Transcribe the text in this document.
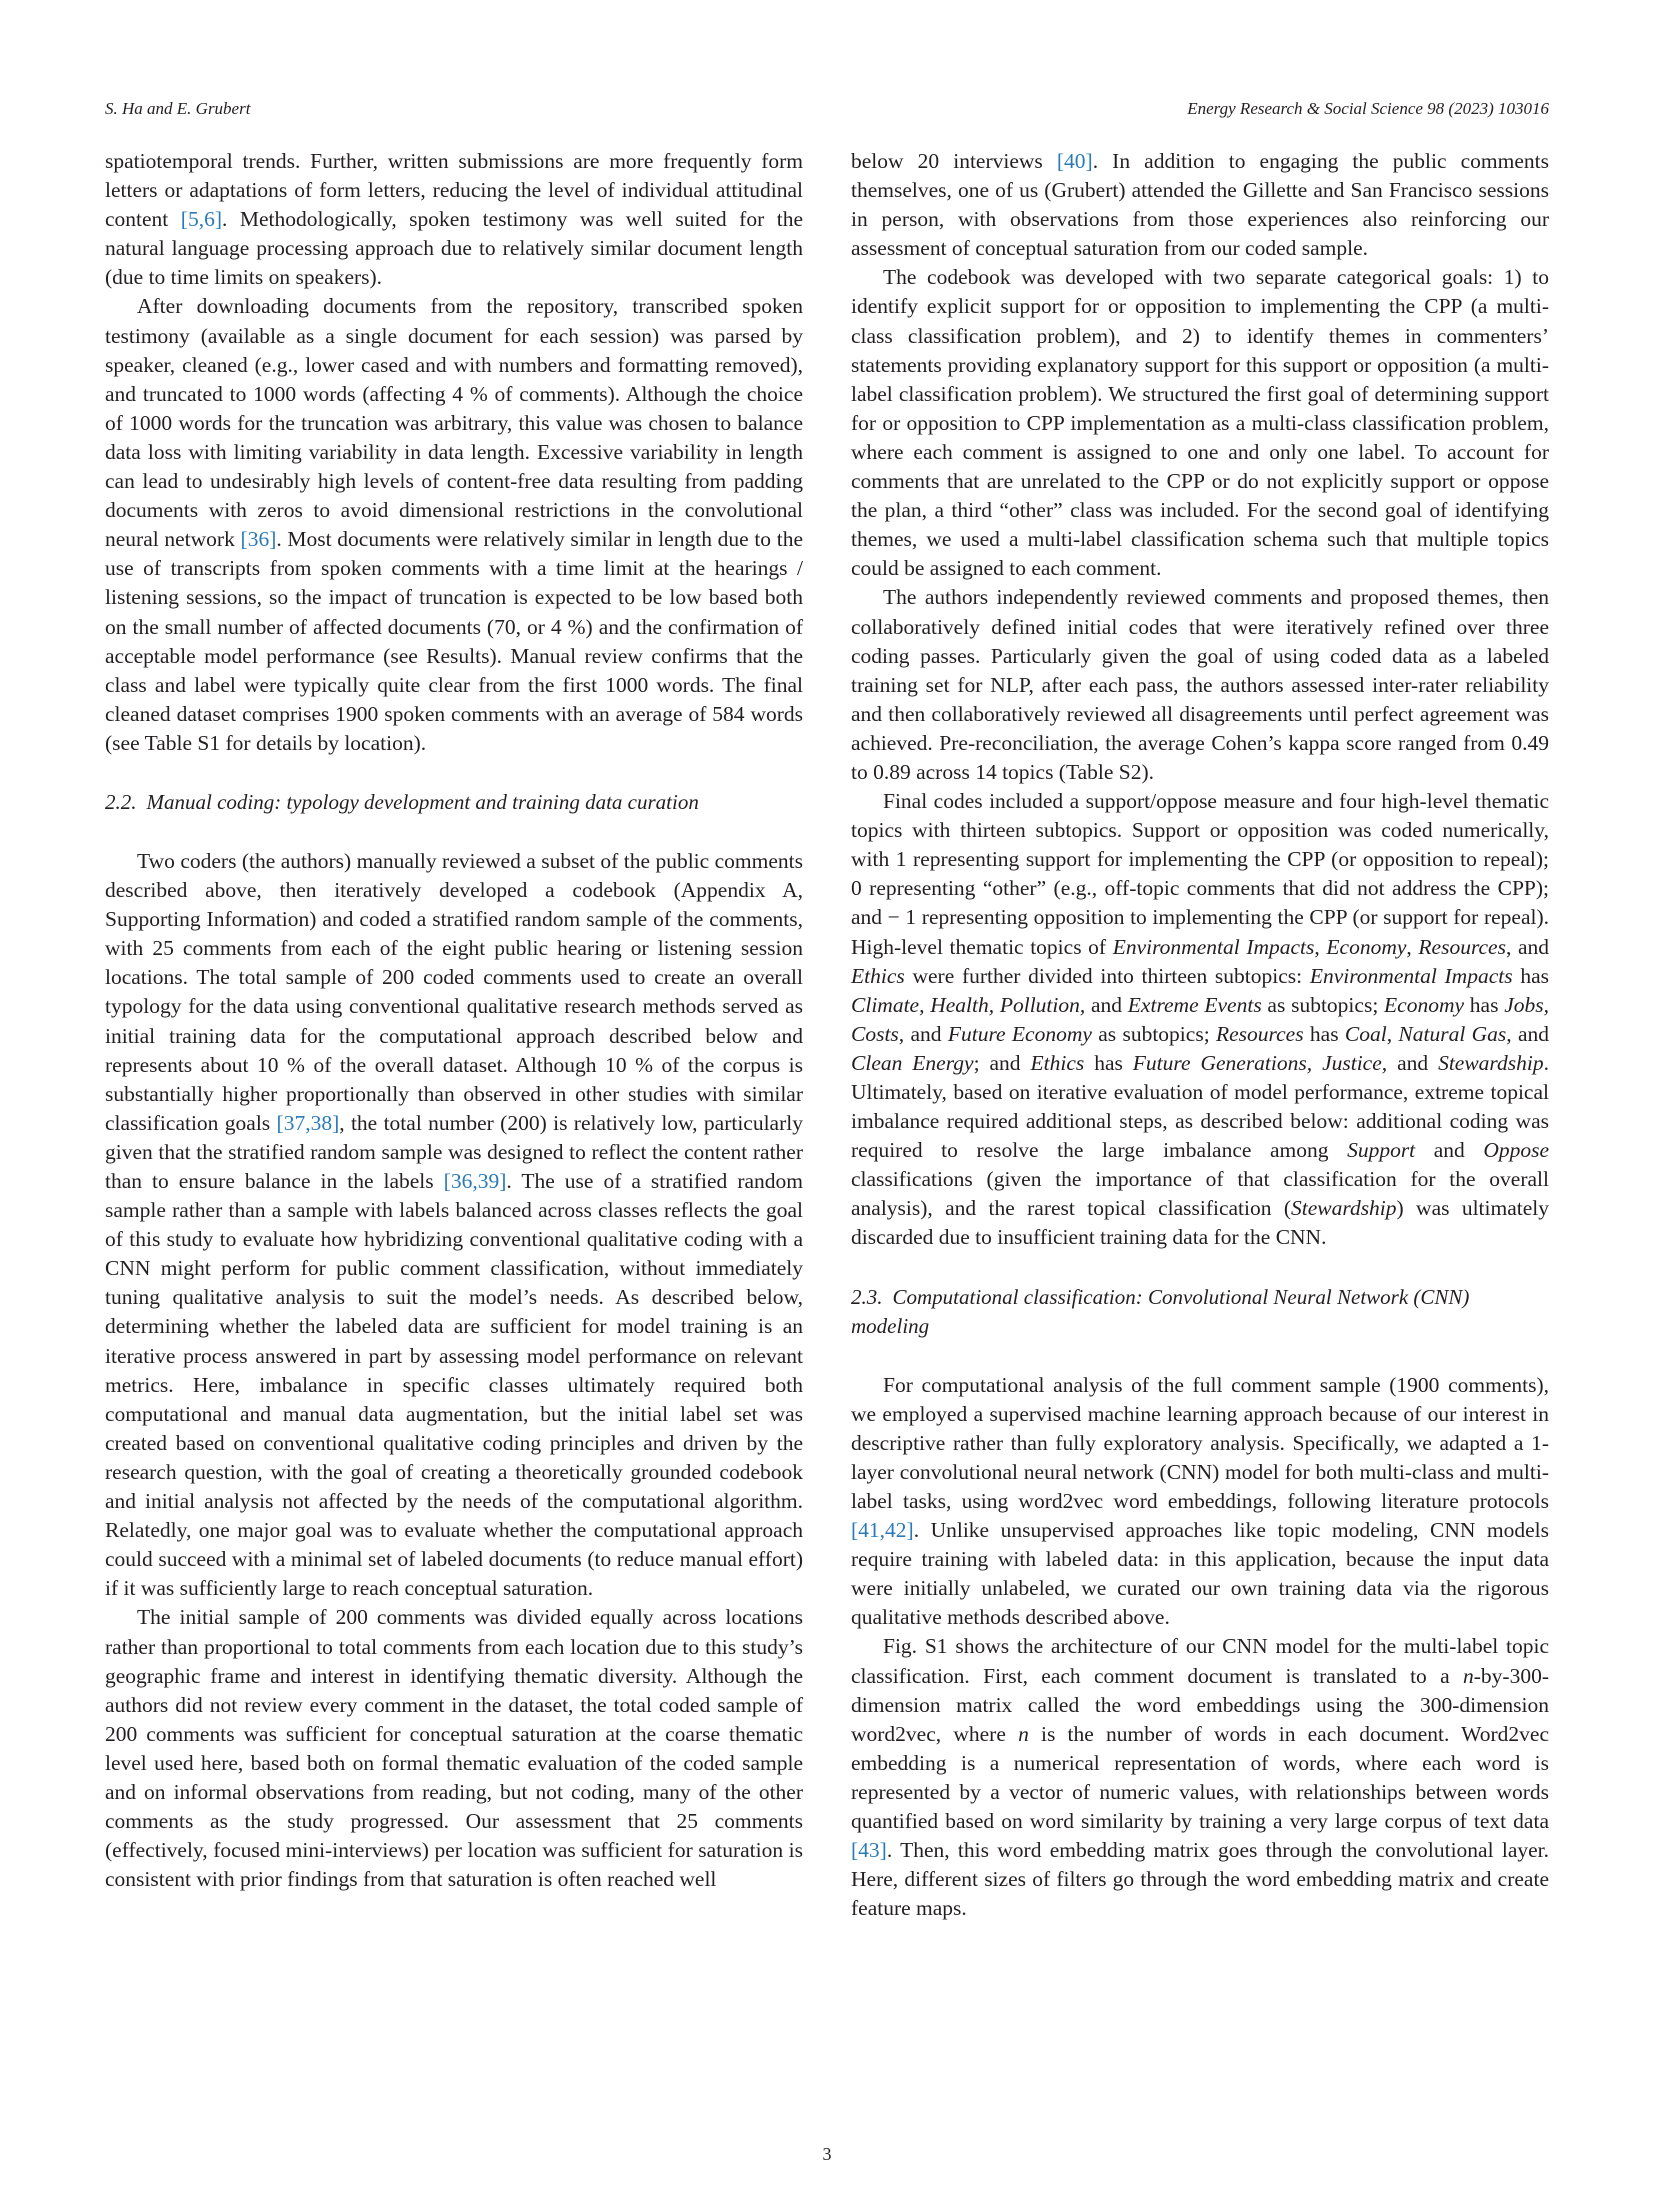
S. Ha and E. Grubert	Energy Research & Social Science 98 (2023) 103016

spatiotemporal trends. Further, written submissions are more frequently form letters or adaptations of form letters, reducing the level of individual attitudinal content [5,6]. Methodologically, spoken testimony was well suited for the natural language processing approach due to relatively similar document length (due to time limits on speakers).

After downloading documents from the repository, transcribed spoken testimony (available as a single document for each session) was parsed by speaker, cleaned (e.g., lower cased and with numbers and formatting removed), and truncated to 1000 words (affecting 4 % of comments). Although the choice of 1000 words for the truncation was arbitrary, this value was chosen to balance data loss with limiting variability in data length. Excessive variability in length can lead to undesirably high levels of content-free data resulting from padding documents with zeros to avoid dimensional restrictions in the convolutional neural network [36]. Most documents were relatively similar in length due to the use of transcripts from spoken comments with a time limit at the hearings / listening sessions, so the impact of truncation is expected to be low based both on the small number of affected documents (70, or 4 %) and the confirmation of acceptable model performance (see Results). Manual review confirms that the class and label were typically quite clear from the first 1000 words. The final cleaned dataset comprises 1900 spoken comments with an average of 584 words (see Table S1 for details by location).

2.2. Manual coding: typology development and training data curation

Two coders (the authors) manually reviewed a subset of the public comments described above, then iteratively developed a codebook (Appendix A, Supporting Information) and coded a stratified random sample of the comments, with 25 comments from each of the eight public hearing or listening session locations. The total sample of 200 coded comments used to create an overall typology for the data using conventional qualitative research methods served as initial training data for the computational approach described below and represents about 10 % of the overall dataset. Although 10 % of the corpus is substantially higher proportionally than observed in other studies with similar classification goals [37,38], the total number (200) is relatively low, particularly given that the stratified random sample was designed to reflect the content rather than to ensure balance in the labels [36,39]. The use of a stratified random sample rather than a sample with labels balanced across classes reflects the goal of this study to evaluate how hybridizing conventional qualitative coding with a CNN might perform for public comment classification, without immediately tuning qualitative analysis to suit the model’s needs. As described below, determining whether the labeled data are sufficient for model training is an iterative process answered in part by assessing model performance on relevant metrics. Here, imbalance in specific classes ultimately required both computational and manual data augmentation, but the initial label set was created based on conventional qualitative coding principles and driven by the research question, with the goal of creating a theoretically grounded codebook and initial analysis not affected by the needs of the computational algorithm. Relatedly, one major goal was to evaluate whether the computational approach could succeed with a minimal set of labeled documents (to reduce manual effort) if it was sufficiently large to reach conceptual saturation.

The initial sample of 200 comments was divided equally across locations rather than proportional to total comments from each location due to this study’s geographic frame and interest in identifying thematic diversity. Although the authors did not review every comment in the dataset, the total coded sample of 200 comments was sufficient for conceptual saturation at the coarse thematic level used here, based both on formal thematic evaluation of the coded sample and on informal observations from reading, but not coding, many of the other comments as the study progressed. Our assessment that 25 comments (effectively, focused mini-interviews) per location was sufficient for saturation is consistent with prior findings from that saturation is often reached well

below 20 interviews [40]. In addition to engaging the public comments themselves, one of us (Grubert) attended the Gillette and San Francisco sessions in person, with observations from those experiences also reinforcing our assessment of conceptual saturation from our coded sample.

The codebook was developed with two separate categorical goals: 1) to identify explicit support for or opposition to implementing the CPP (a multi-class classification problem), and 2) to identify themes in commenters’ statements providing explanatory support for this support or opposition (a multi-label classification problem). We structured the first goal of determining support for or opposition to CPP implementation as a multi-class classification problem, where each comment is assigned to one and only one label. To account for comments that are unrelated to the CPP or do not explicitly support or oppose the plan, a third “other” class was included. For the second goal of identifying themes, we used a multi-label classification schema such that multiple topics could be assigned to each comment.

The authors independently reviewed comments and proposed themes, then collaboratively defined initial codes that were iteratively refined over three coding passes. Particularly given the goal of using coded data as a labeled training set for NLP, after each pass, the authors assessed inter-rater reliability and then collaboratively reviewed all disagreements until perfect agreement was achieved. Pre-reconciliation, the average Cohen’s kappa score ranged from 0.49 to 0.89 across 14 topics (Table S2).

Final codes included a support/oppose measure and four high-level thematic topics with thirteen subtopics. Support or opposition was coded numerically, with 1 representing support for implementing the CPP (or opposition to repeal); 0 representing “other” (e.g., off-topic comments that did not address the CPP); and − 1 representing opposition to implementing the CPP (or support for repeal). High-level thematic topics of Environmental Impacts, Economy, Resources, and Ethics were further divided into thirteen subtopics: Environmental Impacts has Climate, Health, Pollution, and Extreme Events as subtopics; Economy has Jobs, Costs, and Future Economy as subtopics; Resources has Coal, Natural Gas, and Clean Energy; and Ethics has Future Generations, Justice, and Stewardship. Ultimately, based on iterative evaluation of model performance, extreme topical imbalance required additional steps, as described below: additional coding was required to resolve the large imbalance among Support and Oppose classifications (given the importance of that classification for the overall analysis), and the rarest topical classification (Stewardship) was ultimately discarded due to insufficient training data for the CNN.

2.3. Computational classification: Convolutional Neural Network (CNN) modeling

For computational analysis of the full comment sample (1900 comments), we employed a supervised machine learning approach because of our interest in descriptive rather than fully exploratory analysis. Specifically, we adapted a 1-layer convolutional neural network (CNN) model for both multi-class and multi-label tasks, using word2vec word embeddings, following literature protocols [41,42]. Unlike unsupervised approaches like topic modeling, CNN models require training with labeled data: in this application, because the input data were initially unlabeled, we curated our own training data via the rigorous qualitative methods described above.

Fig. S1 shows the architecture of our CNN model for the multi-label topic classification. First, each comment document is translated to a n-by-300-dimension matrix called the word embeddings using the 300-dimension word2vec, where n is the number of words in each document. Word2vec embedding is a numerical representation of words, where each word is represented by a vector of numeric values, with relationships between words quantified based on word similarity by training a very large corpus of text data [43]. Then, this word embedding matrix goes through the convolutional layer. Here, different sizes of filters go through the word embedding matrix and create feature maps.

3
